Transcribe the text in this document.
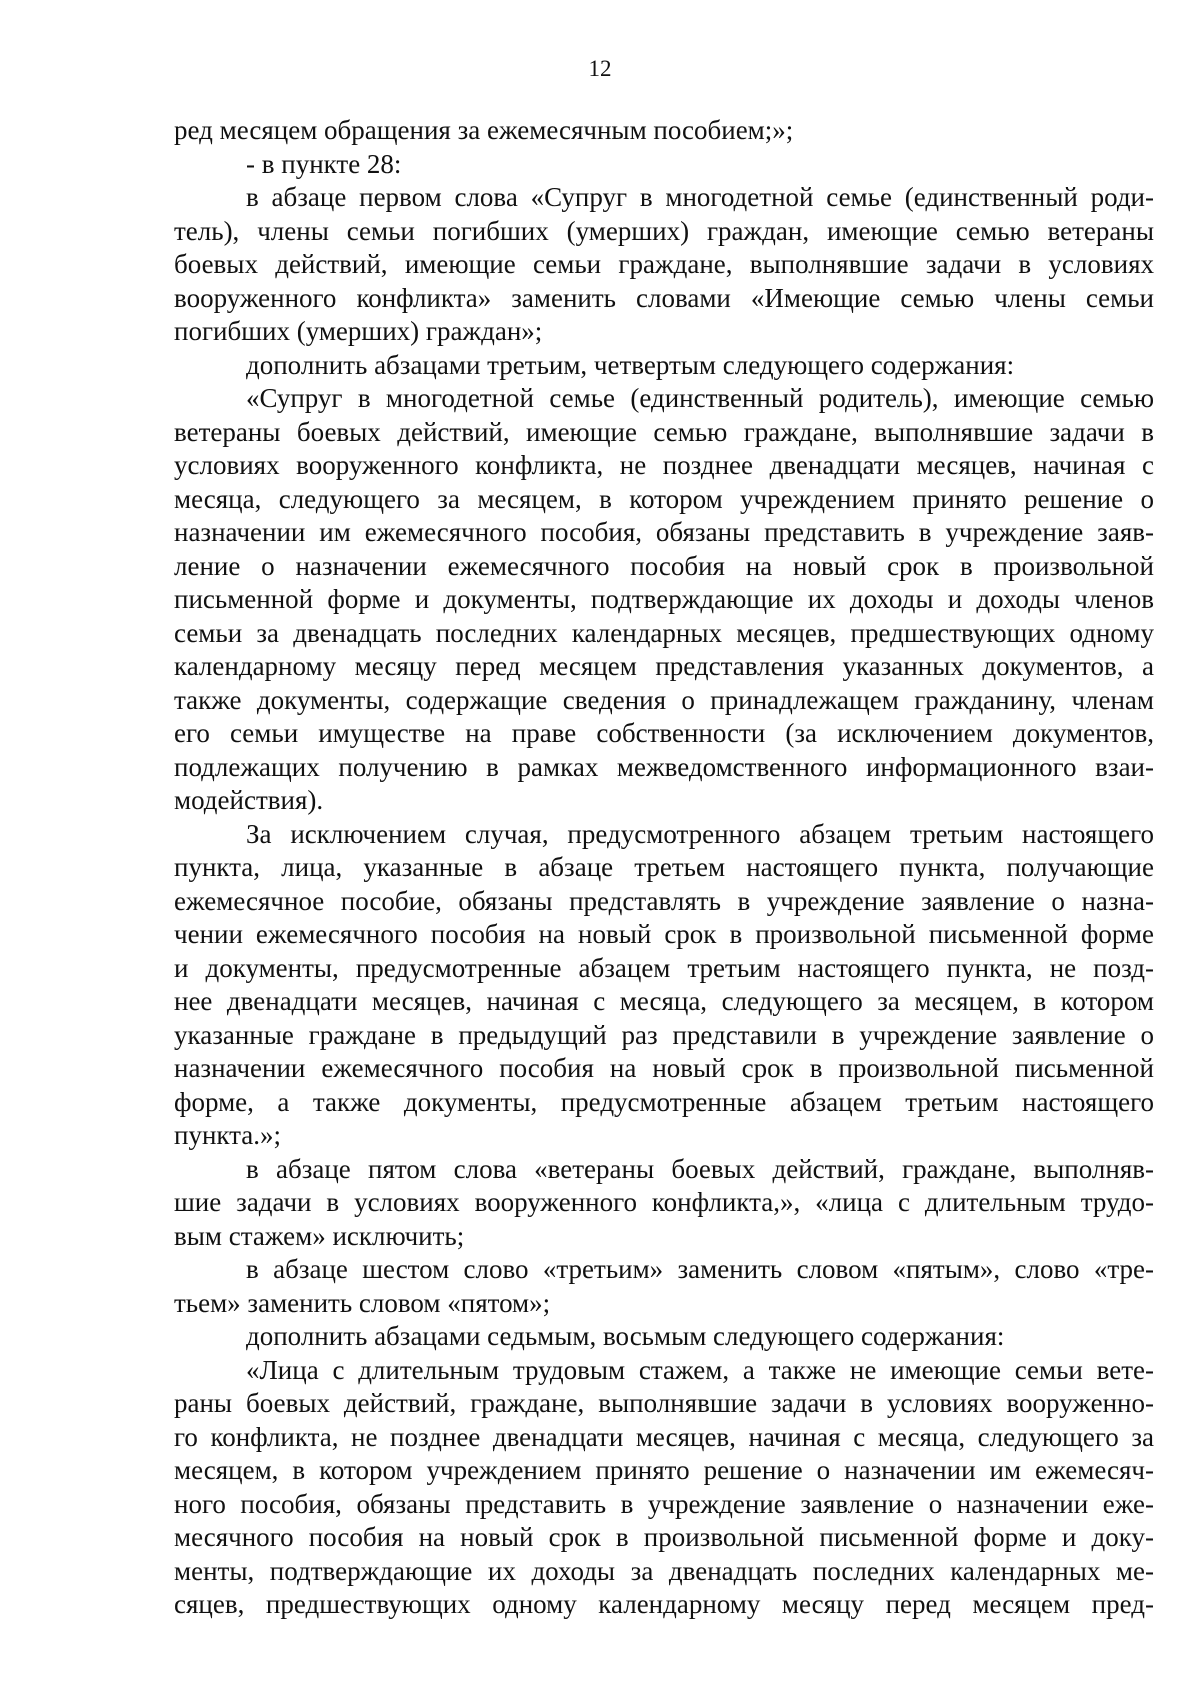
12
ред месяцем обращения за ежемесячным пособием;»;
- в пункте 28:
в абзаце первом слова «Супруг в многодетной семье (единственный роди-
тель), члены семьи погибших (умерших) граждан, имеющие семью ветераны
боевых действий, имеющие семьи граждане, выполнявшие задачи в условиях
вооруженного конфликта» заменить словами «Имеющие семью члены семьи
погибших (умерших) граждан»;
дополнить абзацами третьим, четвертым следующего содержания:
«Супруг в многодетной семье (единственный родитель), имеющие семью
ветераны боевых действий, имеющие семью граждане, выполнявшие задачи в
условиях вооруженного конфликта, не позднее двенадцати месяцев, начиная с
месяца, следующего за месяцем, в котором учреждением принято решение о
назначении им ежемесячного пособия, обязаны представить в учреждение заяв-
ление о назначении ежемесячного пособия на новый срок в произвольной
письменной форме и документы, подтверждающие их доходы и доходы членов
семьи за двенадцать последних календарных месяцев, предшествующих одному
календарному месяцу перед месяцем представления указанных документов, а
также документы, содержащие сведения о принадлежащем гражданину, членам
его семьи имуществе на праве собственности (за исключением документов,
подлежащих получению в рамках межведомственного информационного взаи-
модействия).
За исключением случая, предусмотренного абзацем третьим настоящего
пункта, лица, указанные в абзаце третьем настоящего пункта, получающие
ежемесячное пособие, обязаны представлять в учреждение заявление о назна-
чении ежемесячного пособия на новый срок в произвольной письменной форме
и документы, предусмотренные абзацем третьим настоящего пункта, не позд-
нее двенадцати месяцев, начиная с месяца, следующего за месяцем, в котором
указанные граждане в предыдущий раз представили в учреждение заявление о
назначении ежемесячного пособия на новый срок в произвольной письменной
форме, а также документы, предусмотренные абзацем третьим настоящего
пункта.»;
в абзаце пятом слова «ветераны боевых действий, граждане, выполняв-
шие задачи в условиях вооруженного конфликта,», «лица с длительным трудо-
вым стажем» исключить;
в абзаце шестом слово «третьим» заменить словом «пятым», слово «тре-
тьем» заменить словом «пятом»;
дополнить абзацами седьмым, восьмым следующего содержания:
«Лица с длительным трудовым стажем, а также не имеющие семьи вете-
раны боевых действий, граждане, выполнявшие задачи в условиях вооруженно-
го конфликта, не позднее двенадцати месяцев, начиная с месяца, следующего за
месяцем, в котором учреждением принято решение о назначении им ежемесяч-
ного пособия, обязаны представить в учреждение заявление о назначении еже-
месячного пособия на новый срок в произвольной письменной форме и доку-
менты, подтверждающие их доходы за двенадцать последних календарных ме-
сяцев, предшествующих одному календарному месяцу перед месяцем пред-
